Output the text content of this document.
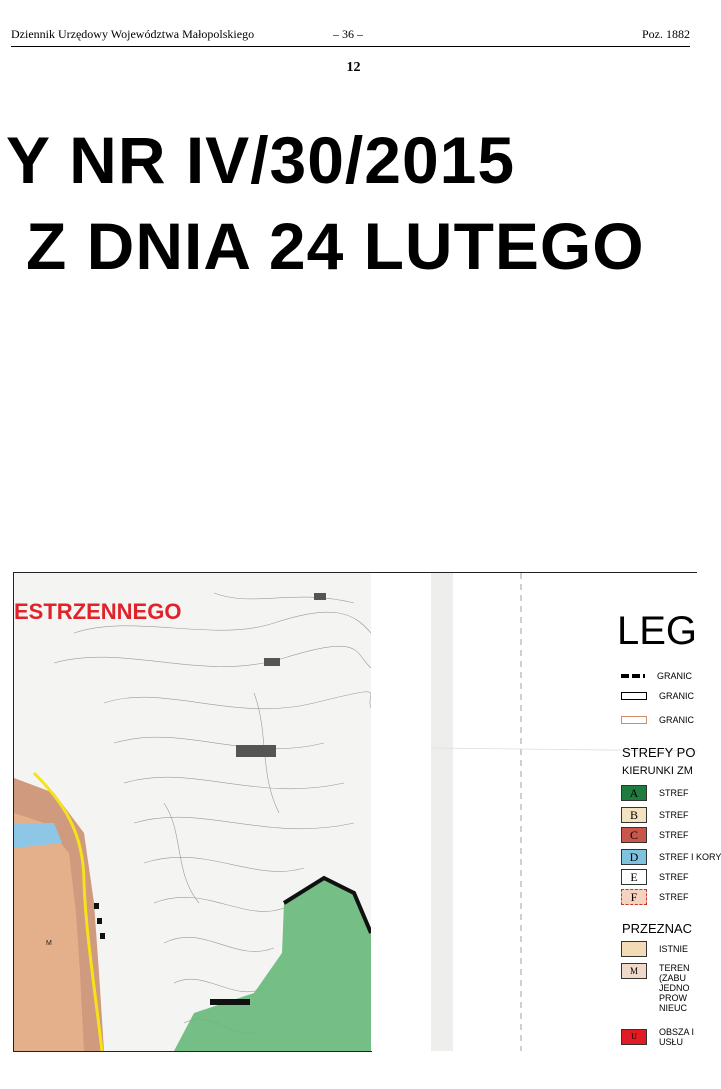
Dziennik Urzędowy Województwa Małopolskiego	– 36 –	Poz. 1882
12
Y NR IV/30/2015
Z DNIA 24 LUTEGO
M
ESTRZENNEGO	LEG
GRANIC
GRANIC
GRANIC
STREFY PO
KIERUNKI ZM
A	STREF
B	STREF
C	STREF
D	STREF I KORY
E	STREF
F	STREF
PRZEZNAC
ISTNIE
M	TEREN (ZABU JEDNO PROW NIEUC
U	OBSZA I USŁU
